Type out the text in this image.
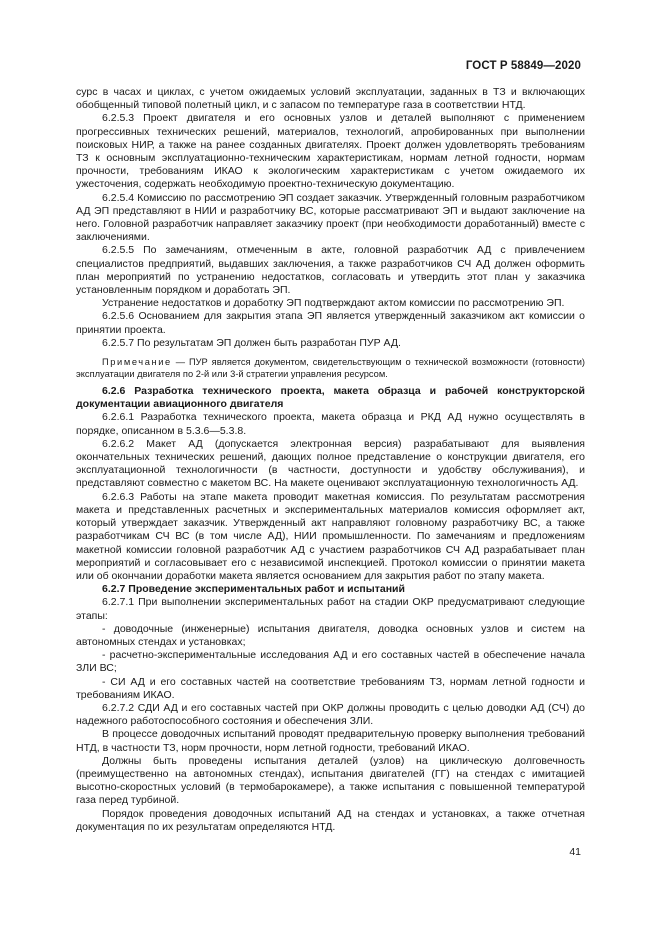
ГОСТ Р 58849—2020

сурс в часах и циклах, с учетом ожидаемых условий эксплуатации, заданных в ТЗ и включающих обобщенный типовой полетный цикл, и с запасом по температуре газа в соответствии НТД.

6.2.5.3 Проект двигателя и его основных узлов и деталей выполняют с применением прогрессивных технических решений, материалов, технологий, апробированных при выполнении поисковых НИР, а также на ранее созданных двигателях. Проект должен удовлетворять требованиям ТЗ к основным эксплуатационно-техническим характеристикам, нормам летной годности, нормам прочности, требованиям ИКАО к экологическим характеристикам с учетом ожидаемого их ужесточения, содержать необходимую проектно-техническую документацию.

6.2.5.4 Комиссию по рассмотрению ЭП создает заказчик. Утвержденный головным разработчиком АД ЭП представляют в НИИ и разработчику ВС, которые рассматривают ЭП и выдают заключение на него. Головной разработчик направляет заказчику проект (при необходимости доработанный) вместе с заключениями.

6.2.5.5 По замечаниям, отмеченным в акте, головной разработчик АД с привлечением специалистов предприятий, выдавших заключения, а также разработчиков СЧ АД должен оформить план мероприятий по устранению недостатков, согласовать и утвердить этот план у заказчика установленным порядком и доработать ЭП.

Устранение недостатков и доработку ЭП подтверждают актом комиссии по рассмотрению ЭП.

6.2.5.6 Основанием для закрытия этапа ЭП является утвержденный заказчиком акт комиссии о принятии проекта.

6.2.5.7 По результатам ЭП должен быть разработан ПУР АД.

Примечание — ПУР является документом, свидетельствующим о технической возможности (готовности) эксплуатации двигателя по 2-й или 3-й стратегии управления ресурсом.

6.2.6 Разработка технического проекта, макета образца и рабочей конструкторской документации авиационного двигателя

6.2.6.1 Разработка технического проекта, макета образца и РКД АД нужно осуществлять в порядке, описанном в 5.3.6—5.3.8.

6.2.6.2 Макет АД (допускается электронная версия) разрабатывают для выявления окончательных технических решений, дающих полное представление о конструкции двигателя, его эксплуатационной технологичности (в частности, доступности и удобству обслуживания), и представляют совместно с макетом ВС. На макете оценивают эксплуатационную технологичность АД.

6.2.6.3 Работы на этапе макета проводит макетная комиссия. По результатам рассмотрения макета и представленных расчетных и экспериментальных материалов комиссия оформляет акт, который утверждает заказчик. Утвержденный акт направляют головному разработчику ВС, а также разработчикам СЧ ВС (в том числе АД), НИИ промышленности. По замечаниям и предложениям макетной комиссии головной разработчик АД с участием разработчиков СЧ АД разрабатывает план мероприятий и согласовывает его с независимой инспекцией. Протокол комиссии о принятии макета или об окончании доработки макета является основанием для закрытия работ по этапу макета.

6.2.7 Проведение экспериментальных работ и испытаний

6.2.7.1 При выполнении экспериментальных работ на стадии ОКР предусматривают следующие этапы:

- доводочные (инженерные) испытания двигателя, доводка основных узлов и систем на автономных стендах и установках;

- расчетно-экспериментальные исследования АД и его составных частей в обеспечение начала ЗЛИ ВС;

- СИ АД и его составных частей на соответствие требованиям ТЗ, нормам летной годности и требованиям ИКАО.

6.2.7.2 СДИ АД и его составных частей при ОКР должны проводить с целью доводки АД (СЧ) до надежного работоспособного состояния и обеспечения ЗЛИ.

В процессе доводочных испытаний проводят предварительную проверку выполнения требований НТД, в частности ТЗ, норм прочности, норм летной годности, требований ИКАО.

Должны быть проведены испытания деталей (узлов) на циклическую долговечность (преимущественно на автономных стендах), испытания двигателей (ГГ) на стендах с имитацией высотно-скоростных условий (в термобарокамере), а также испытания с повышенной температурой газа перед турбиной.

Порядок проведения доводочных испытаний АД на стендах и установках, а также отчетная документация по их результатам определяются НТД.

41
